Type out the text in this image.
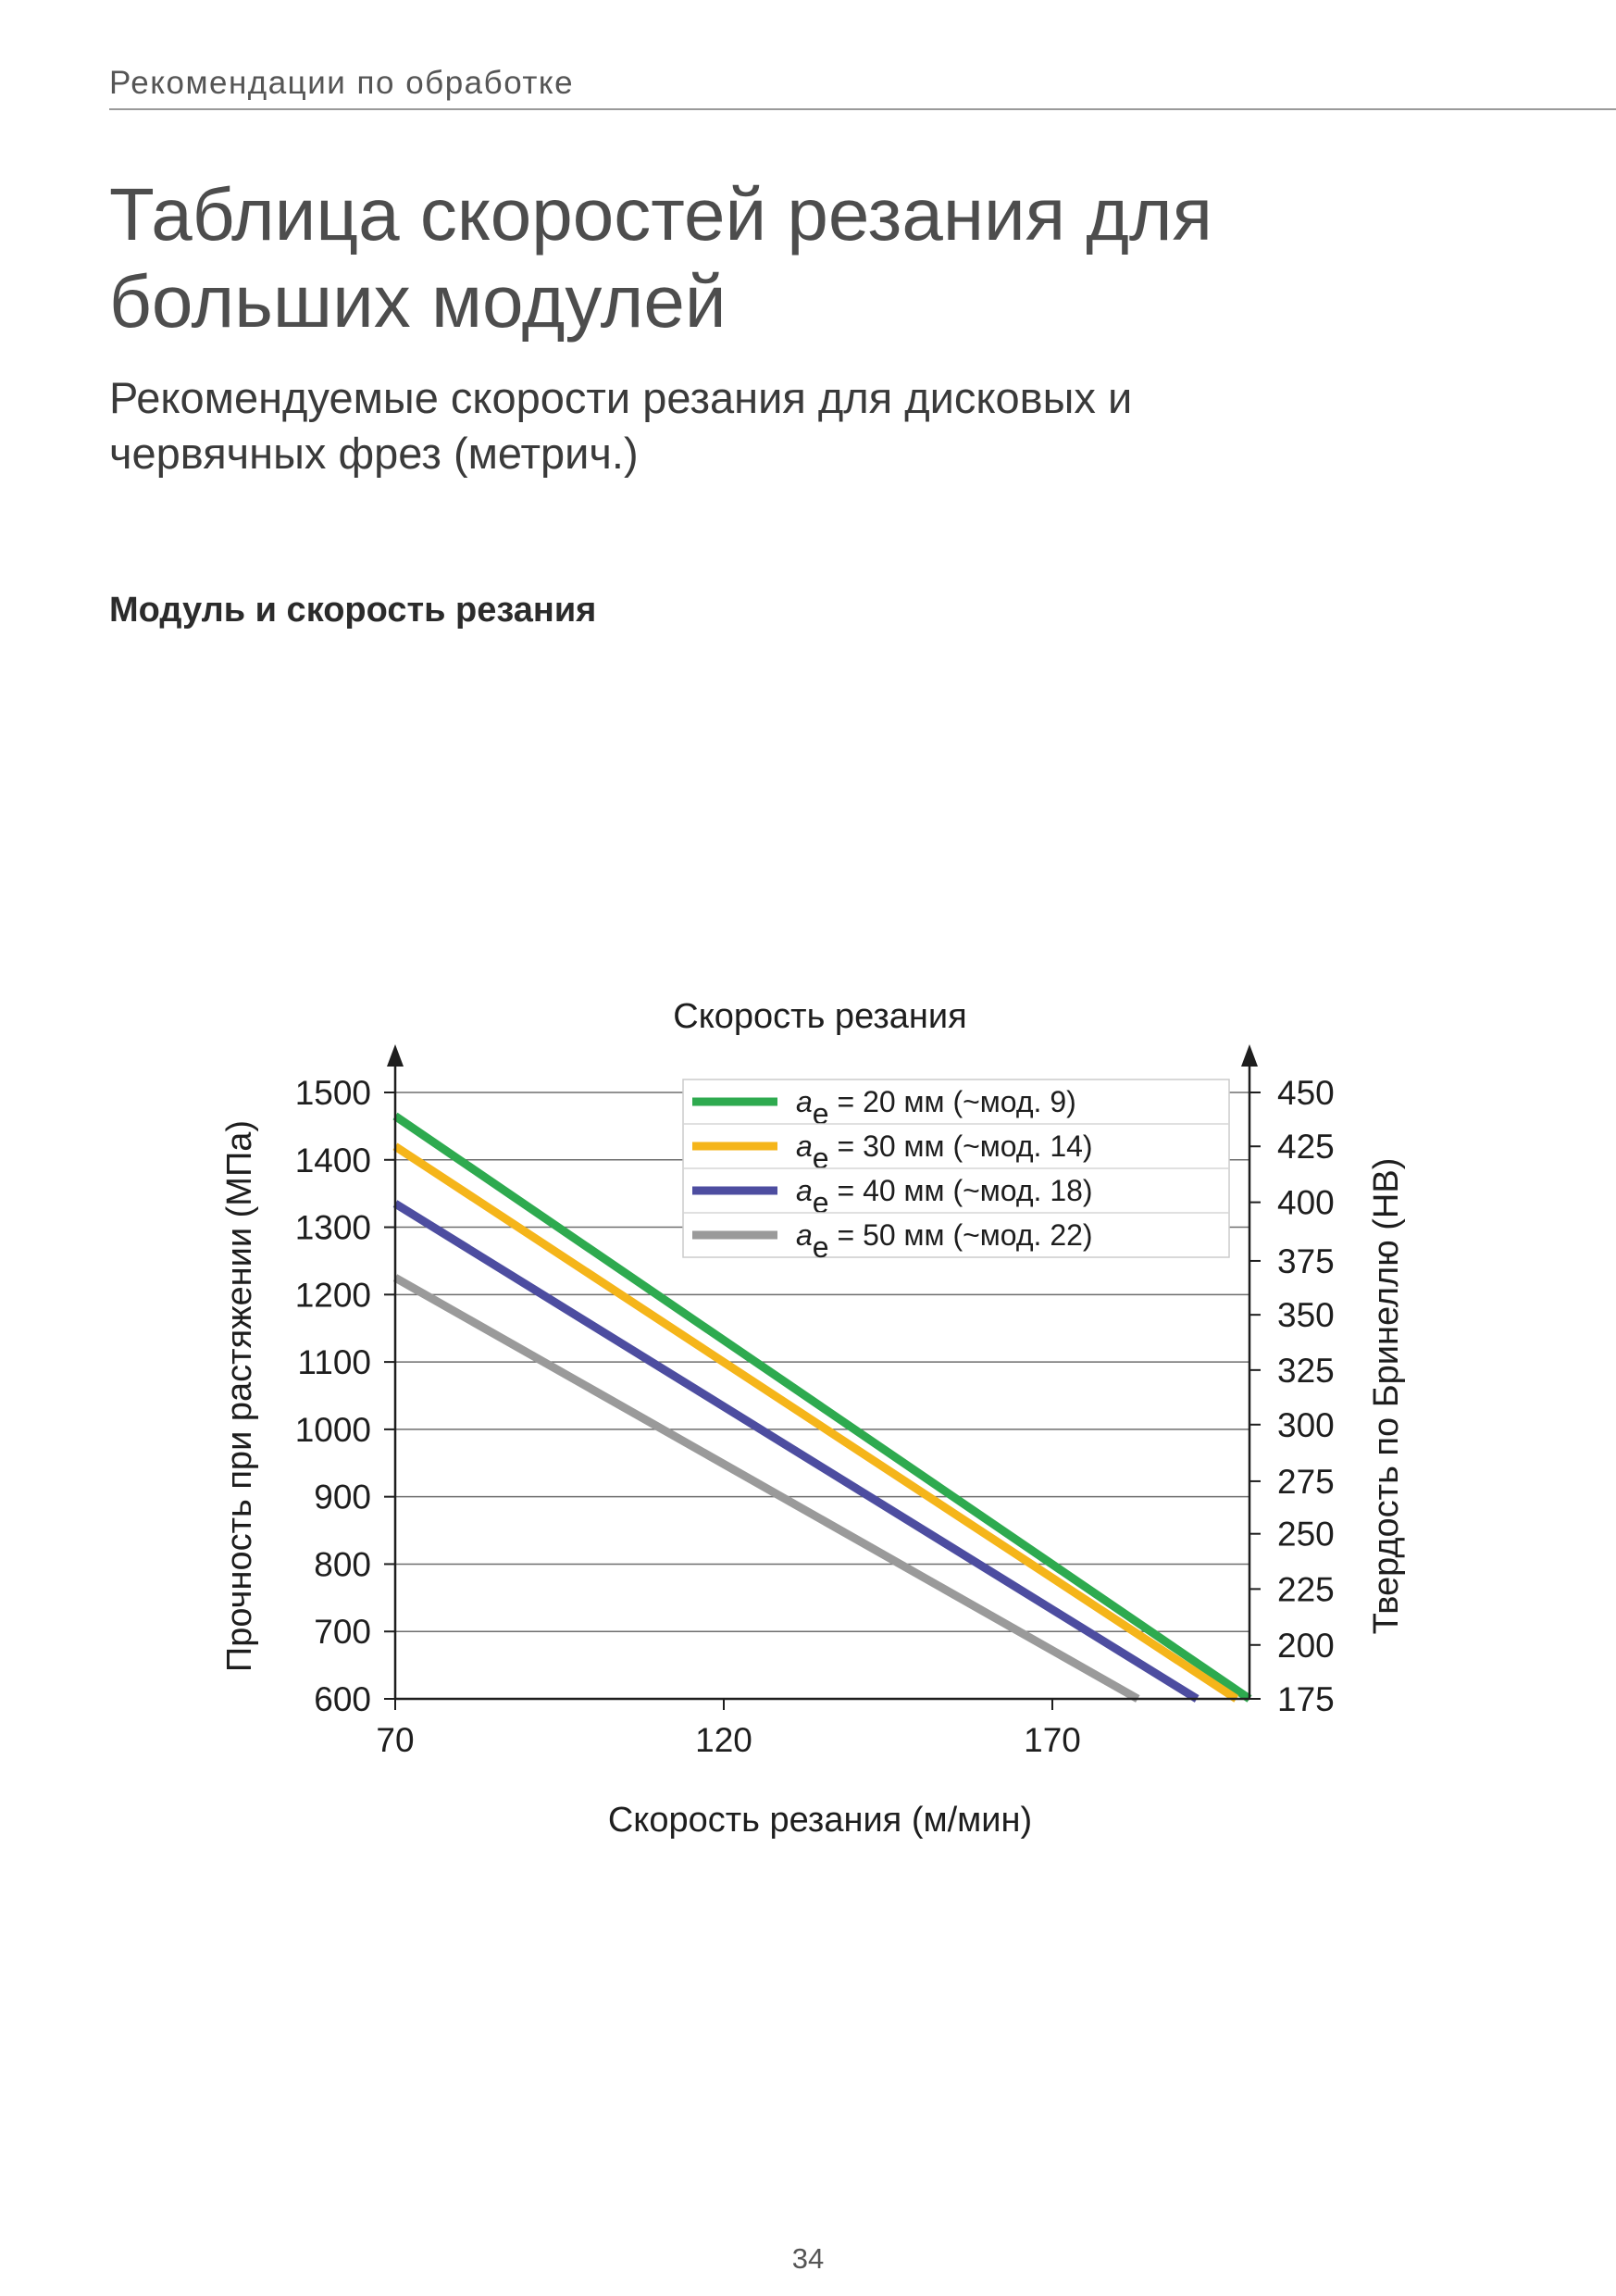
Рекомендации по обработке
Таблица скоростей резания для
больших модулей
Рекомендуемые скорости резания для дисковых и
червячных фрез (метрич.)
Модуль и скорость резания
Скорость резания
Скорость резания (м/мин)
Прочность при растяжении (МПа)	Твердость по Бринеллю (HB)
600
700
800
900
1000
1100
1200
1300
1400
1500	450
425
400
375
350
325
300
275
250
225
200
175
70	120	170
ae = 20 мм (~мод. 9)
ae = 30 мм (~мод. 14)
ae = 40 мм (~мод. 18)
ae = 50 мм (~мод. 22)
34
